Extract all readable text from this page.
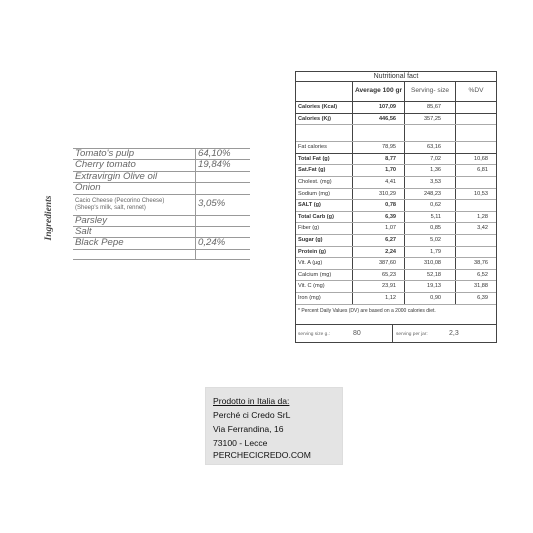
Ingredients
Tomato's pulp	64,10%
Cherry tomato	19,84%
Extravirgin Olive oil	
Onion	

Cacio Cheese (Pecorino Cheese)
(Sheep's milk, salt, rennet)	3,05%
Parsley	
Salt	
Black Pepe	0,24%

Nutritional fact
	Average 100 gr	Serving- size	%DV
Calories (Kcal)	107,09	85,67	
Calories (Kj)	446,56	357,25	

Fat calories	78,95	63,16	
Total Fat (g)	8,77	7,02	10,68
Sat.Fat (g)	1,70	1,36	6,81
Cholest. (mg)	4,41	3,53	
Sodium (mg)	310,29	248,23	10,53
SALT (g)	0,78	0,62	
Total Carb (g)	6,39	5,11	1,28
Fiber (g)	1,07	0,85	3,42
Sugar (g)	6,27	5,02	
Protein (g)	2,24	1,79	
Vit. A (µg)	387,60	310,08	38,76
Calcium (mg)	65,23	52,18	6,52
Vit. C (mg)	23,91	19,13	31,88
Iron (mg)	1,12	0,90	6,39
* Percent Daily Values (DV) are based on a 2000 calories diet.
serving size g.:	80	serving per jar:	2,3
Prodotto in Italia da:
Perché ci Credo SrL
Via Ferrandina, 16
73100 - Lecce
PERCHECICREDO.COM
